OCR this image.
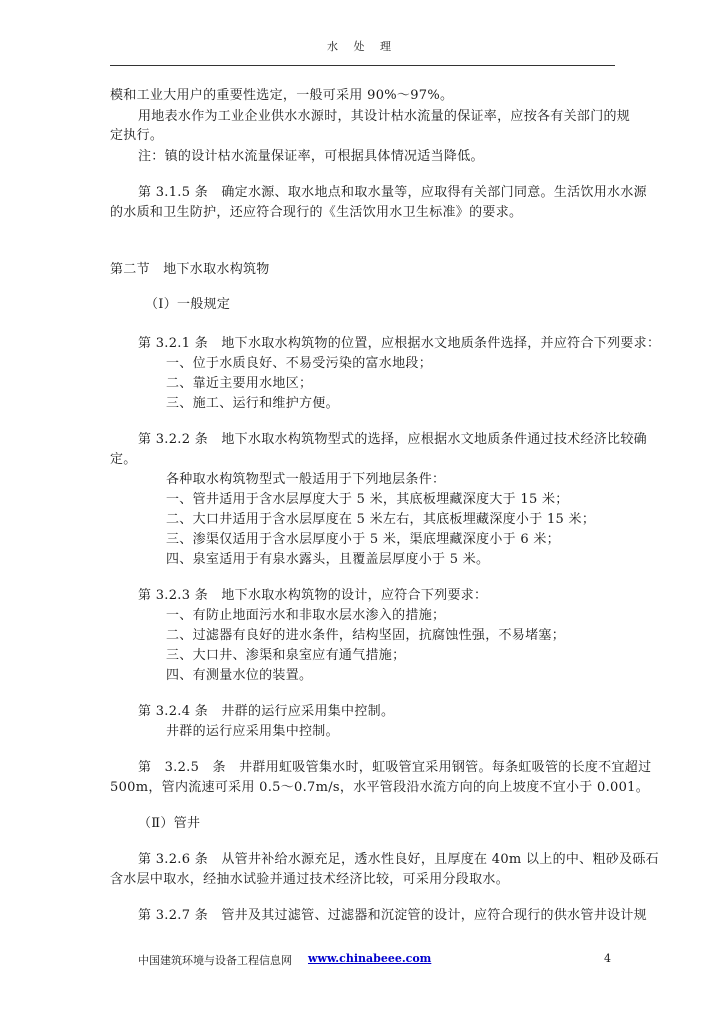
水 处 理
模和工业大用户的重要性选定，一般可采用 90%～97%。
用地表水作为工业企业供水水源时，其设计枯水流量的保证率，应按各有关部门的规
定执行。
注：镇的设计枯水流量保证率，可根据具体情况适当降低。
第 3.1.5 条　确定水源、取水地点和取水量等，应取得有关部门同意。生活饮用水水源
的水质和卫生防护，还应符合现行的《生活饮用水卫生标准》的要求。
第二节　地下水取水构筑物
（Ⅰ）一般规定
第 3.2.1 条　地下水取水构筑物的位置，应根据水文地质条件选择，并应符合下列要求：
一、位于水质良好、不易受污染的富水地段；
二、靠近主要用水地区；
三、施工、运行和维护方便。
第 3.2.2 条　地下水取水构筑物型式的选择，应根据水文地质条件通过技术经济比较确
定。
各种取水构筑物型式一般适用于下列地层条件：
一、管井适用于含水层厚度大于 5 米，其底板埋藏深度大于 15 米；
二、大口井适用于含水层厚度在 5 米左右，其底板埋藏深度小于 15 米；
三、渗渠仅适用于含水层厚度小于 5 米，渠底埋藏深度小于 6 米；
四、泉室适用于有泉水露头，且覆盖层厚度小于 5 米。
第 3.2.3 条　地下水取水构筑物的设计，应符合下列要求：
一、有防止地面污水和非取水层水渗入的措施；
二、过滤器有良好的进水条件，结构坚固，抗腐蚀性强，不易堵塞；
三、大口井、渗渠和泉室应有通气措施；
四、有测量水位的装置。
第 3.2.4 条　井群的运行应采用集中控制。
井群的运行应采用集中控制。
第　3.2.5　条　井群用虹吸管集水时，虹吸管宜采用钢管。每条虹吸管的长度不宜超过
500m，管内流速可采用 0.5～0.7m/s，水平管段沿水流方向的向上坡度不宜小于 0.001。
（Ⅱ）管井
第 3.2.6 条　从管井补给水源充足，透水性良好，且厚度在 40m 以上的中、粗砂及砾石
含水层中取水，经抽水试验并通过技术经济比较，可采用分段取水。
第 3.2.7 条　管井及其过滤管、过滤器和沉淀管的设计，应符合现行的供水管井设计规
中国建筑环境与设备工程信息网 www.chinabeee.com	4
